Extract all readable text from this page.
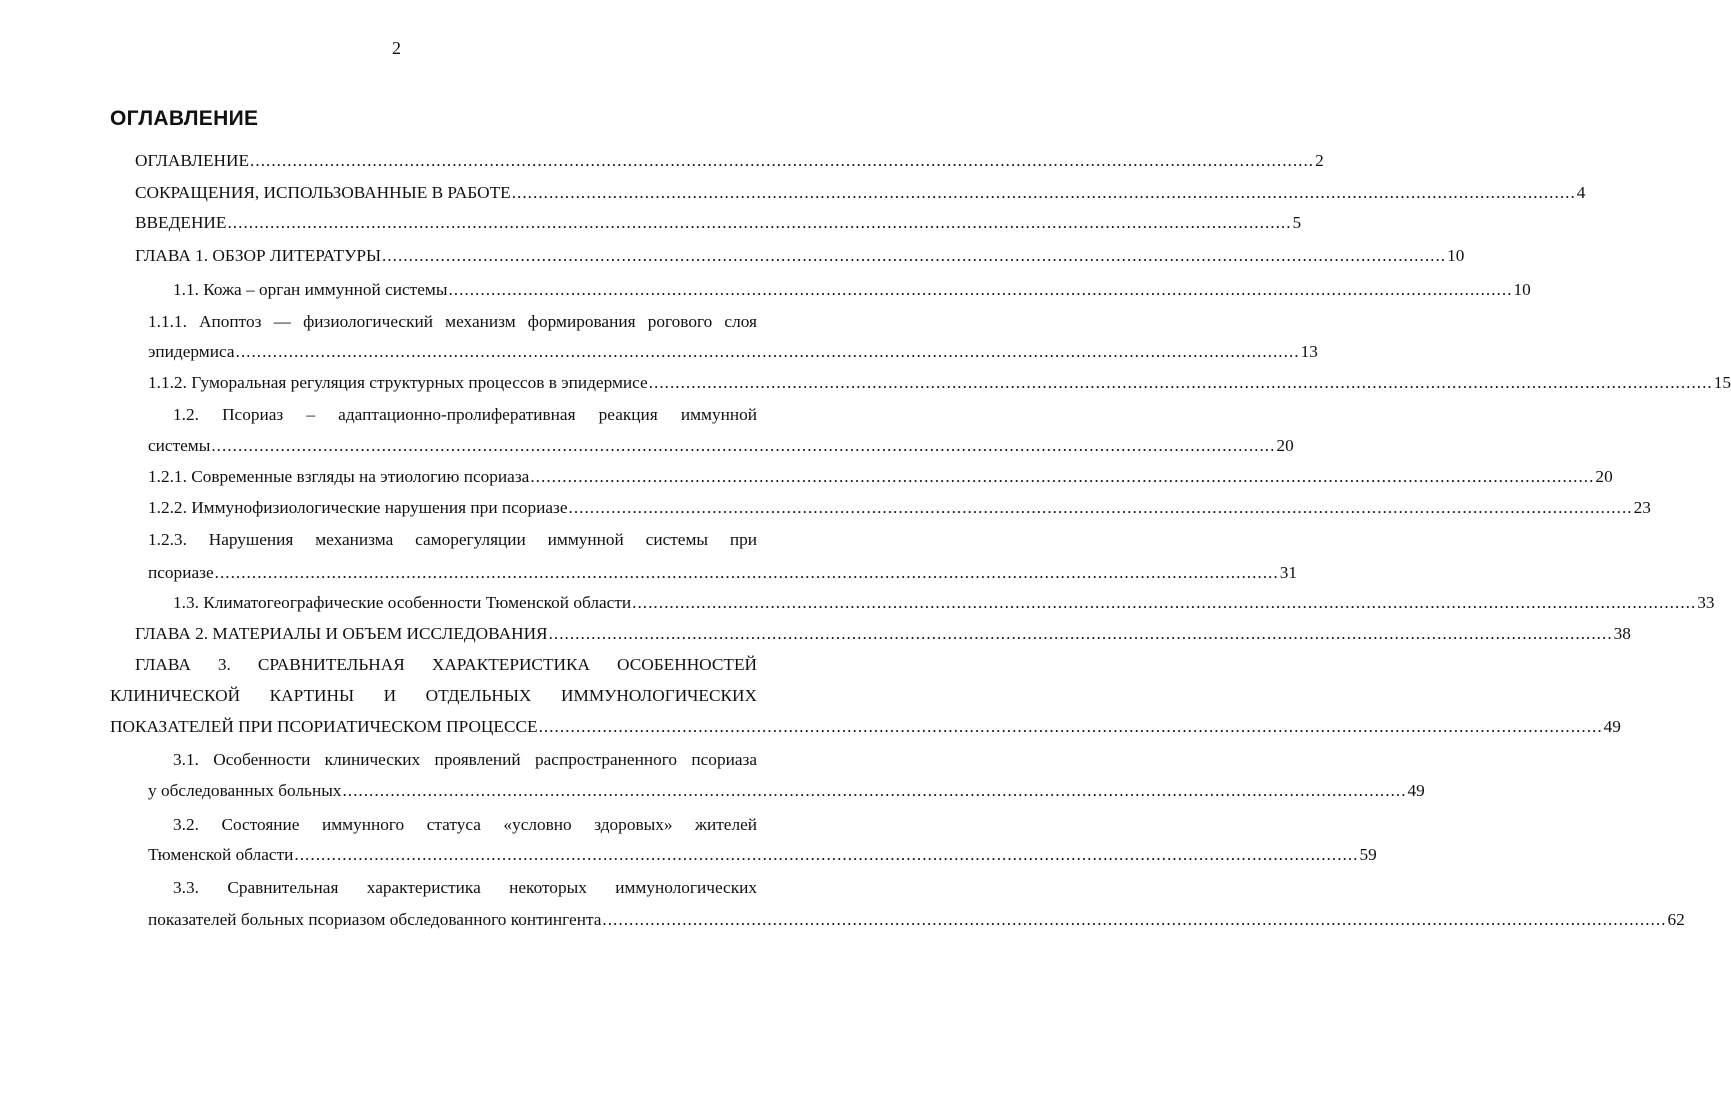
2
ОГЛАВЛЕНИЕ
ОГЛАВЛЕНИЕ ........................................................................................................................................................................................................ 2
СОКРАЩЕНИЯ, ИСПОЛЬЗОВАННЫЕ В РАБОТЕ ........................................................................................................................................................................................................ 4
ВВЕДЕНИЕ ........................................................................................................................................................................................................ 5
ГЛАВА 1. ОБЗОР ЛИТЕРАТУРЫ ........................................................................................................................................................................................................ 10
1.1. Кожа – орган иммунной системы ........................................................................................................................................................................................................ 10
1.1.1. Апоптоз — физиологический механизм формирования рогового слоя
эпидермиса ........................................................................................................................................................................................................ 13
1.1.2. Гуморальная регуляция структурных процессов в эпидермисе ........................................................................................................................................................................................................ 15
1.2. Псориаз – адаптационно-пролиферативная реакция иммунной
системы ........................................................................................................................................................................................................ 20
1.2.1. Современные взгляды на этиологию псориаза ........................................................................................................................................................................................................ 20
1.2.2. Иммунофизиологические нарушения при псориазе ........................................................................................................................................................................................................ 23
1.2.3. Нарушения механизма саморегуляции иммунной системы при
псориазе ........................................................................................................................................................................................................ 31
1.3. Климатогеографические особенности Тюменской области ........................................................................................................................................................................................................ 33
ГЛАВА 2. МАТЕРИАЛЫ И ОБЪЕМ ИССЛЕДОВАНИЯ ........................................................................................................................................................................................................ 38
ГЛАВА 3. СРАВНИТЕЛЬНАЯ ХАРАКТЕРИСТИКА ОСОБЕННОСТЕЙ
КЛИНИЧЕСКОЙ КАРТИНЫ И ОТДЕЛЬНЫХ ИММУНОЛОГИЧЕСКИХ
ПОКАЗАТЕЛЕЙ ПРИ ПСОРИАТИЧЕСКОМ ПРОЦЕССЕ ........................................................................................................................................................................................................ 49
3.1. Особенности клинических проявлений распространенного псориаза
у обследованных больных ........................................................................................................................................................................................................ 49
3.2. Состояние иммунного статуса «условно здоровых» жителей
Тюменской области ........................................................................................................................................................................................................ 59
3.3. Сравнительная характеристика некоторых иммунологических
показателей больных псориазом обследованного контингента ........................................................................................................................................................................................................ 62
